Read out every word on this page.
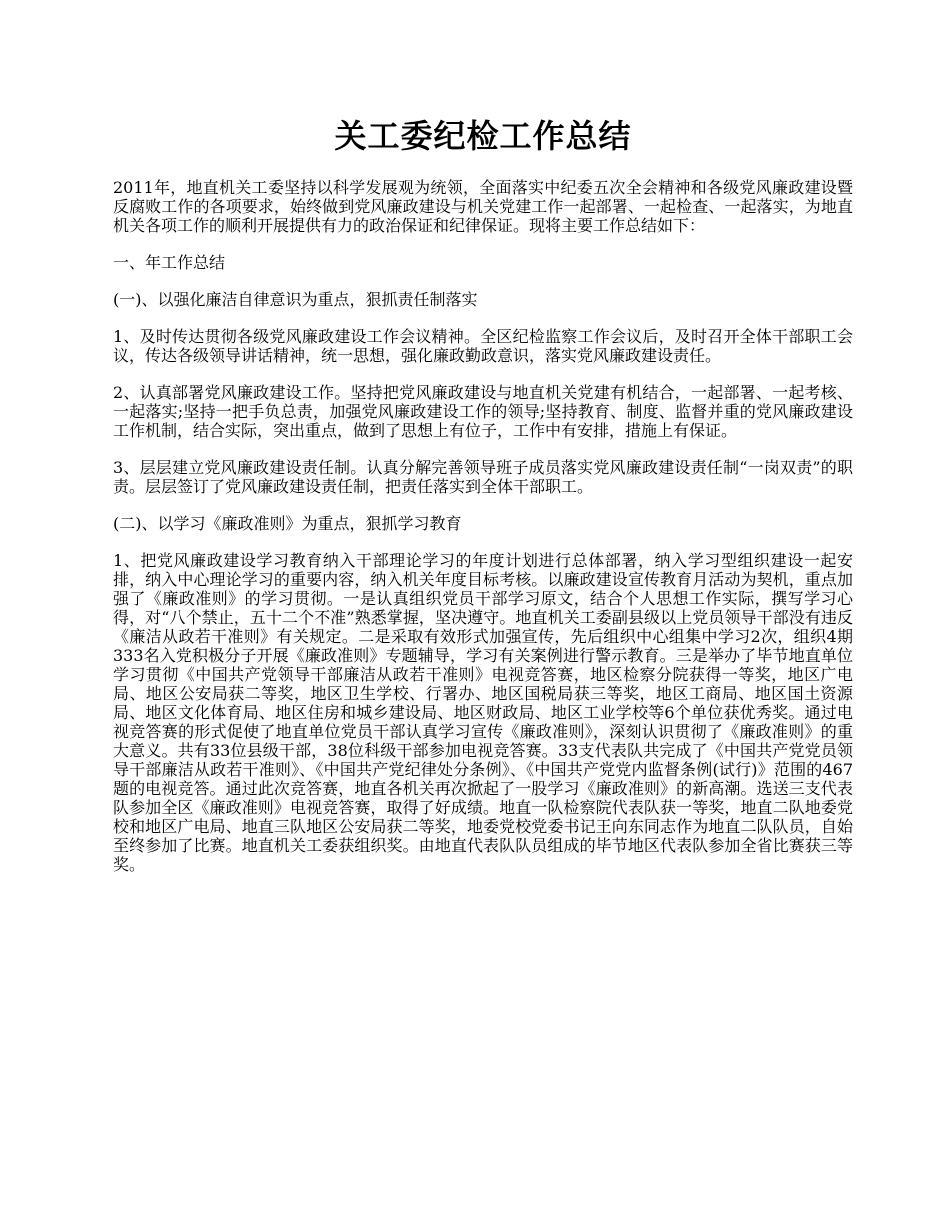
关工委纪检工作总结

2011年，地直机关工委坚持以科学发展观为统领，全面落实中纪委五次全会精神和各级党风廉政建设暨反腐败工作的各项要求，始终做到党风廉政建设与机关党建工作一起部署、一起检查、一起落实，为地直机关各项工作的顺利开展提供有力的政治保证和纪律保证。现将主要工作总结如下：

一、年工作总结

(一)、以强化廉洁自律意识为重点，狠抓责任制落实

1、及时传达贯彻各级党风廉政建设工作会议精神。全区纪检监察工作会议后，及时召开全体干部职工会议，传达各级领导讲话精神，统一思想，强化廉政勤政意识，落实党风廉政建设责任。

2、认真部署党风廉政建设工作。坚持把党风廉政建设与地直机关党建有机结合，一起部署、一起考核、一起落实;坚持一把手负总责，加强党风廉政建设工作的领导;坚持教育、制度、监督并重的党风廉政建设工作机制，结合实际，突出重点，做到了思想上有位子，工作中有安排，措施上有保证。

3、层层建立党风廉政建设责任制。认真分解完善领导班子成员落实党风廉政建设责任制“一岗双责”的职责。层层签订了党风廉政建设责任制，把责任落实到全体干部职工。

(二)、以学习《廉政准则》为重点，狠抓学习教育

1、把党风廉政建设学习教育纳入干部理论学习的年度计划进行总体部署，纳入学习型组织建设一起安排，纳入中心理论学习的重要内容，纳入机关年度目标考核。以廉政建设宣传教育月活动为契机，重点加强了《廉政准则》的学习贯彻。一是认真组织党员干部学习原文，结合个人思想工作实际，撰写学习心得，对“八个禁止，五十二个不准”熟悉掌握，坚决遵守。地直机关工委副县级以上党员领导干部没有违反《廉洁从政若干准则》有关规定。二是采取有效形式加强宣传，先后组织中心组集中学习2次，组织4期333名入党积极分子开展《廉政准则》专题辅导，学习有关案例进行警示教育。三是举办了毕节地直单位学习贯彻《中国共产党领导干部廉洁从政若干准则》电视竞答赛，地区检察分院获得一等奖，地区广电局、地区公安局获二等奖，地区卫生学校、行署办、地区国税局获三等奖，地区工商局、地区国土资源局、地区文化体育局、地区住房和城乡建设局、地区财政局、地区工业学校等6个单位获优秀奖。通过电视竞答赛的形式促使了地直单位党员干部认真学习宣传《廉政准则》，深刻认识贯彻了《廉政准则》的重大意义。共有33位县级干部，38位科级干部参加电视竞答赛。33支代表队共完成了《中国共产党党员领导干部廉洁从政若干准则》、《中国共产党纪律处分条例》、《中国共产党党内监督条例(试行)》范围的467题的电视竞答。通过此次竞答赛，地直各机关再次掀起了一股学习《廉政准则》的新高潮。选送三支代表队参加全区《廉政准则》电视竞答赛，取得了好成绩。地直一队检察院代表队获一等奖，地直二队地委党校和地区广电局、地直三队地区公安局获二等奖，地委党校党委书记王向东同志作为地直二队队员，自始至终参加了比赛。地直机关工委获组织奖。由地直代表队队员组成的毕节地区代表队参加全省比赛获三等奖。
